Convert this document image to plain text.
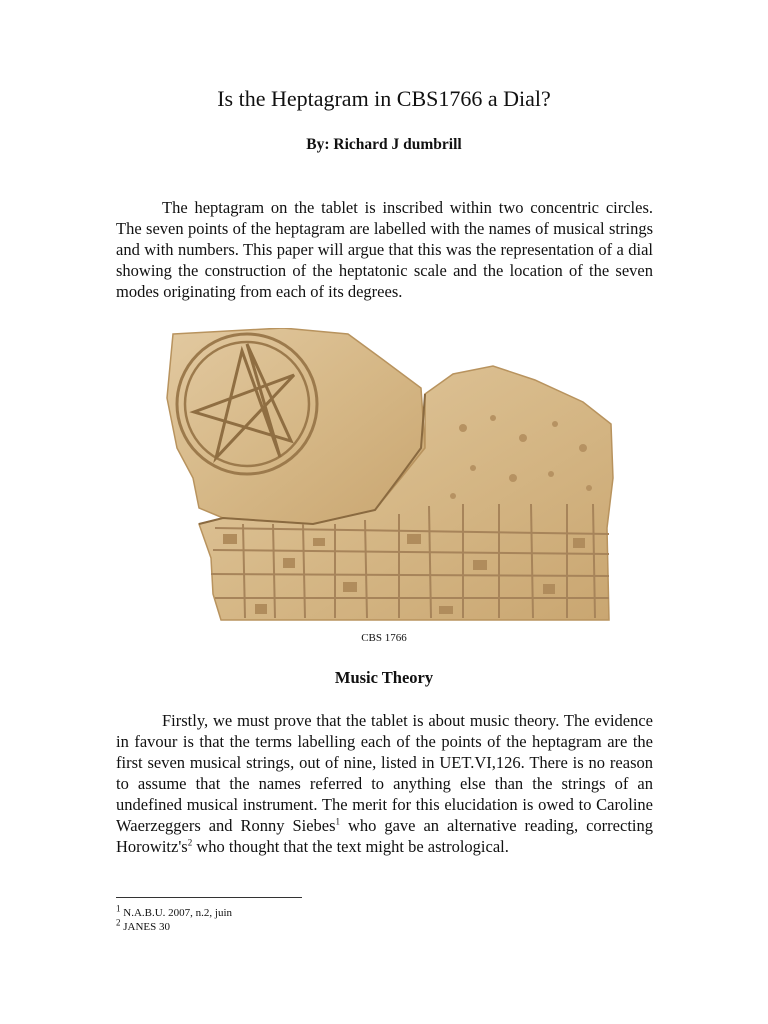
Is the Heptagram in CBS1766 a Dial?
By: Richard J dumbrill

The heptagram on the tablet is inscribed within two concentric circles. The seven points of the heptagram are labelled with the names of musical strings and with numbers. This paper will argue that this was the representation of a dial showing the construction of the heptatonic scale and the location of the seven modes originating from each of its degrees.

CBS 1766
Music Theory

Firstly, we must prove that the tablet is about music theory. The evidence in favour is that the terms labelling each of the points of the heptagram are the first seven musical strings, out of nine, listed in UET.VI,126. There is no reason to assume that the names referred to anything else than the strings of an undefined musical instrument. The merit for this elucidation is owed to Caroline Waerzeggers and Ronny Siebes$^1$ who gave an alternative reading, correcting $Horowitz's^2$ who thought that the text might be astrological.

$^1$ N.A.B.U. 2007, n.2, juin
$^2$ JANES 30
